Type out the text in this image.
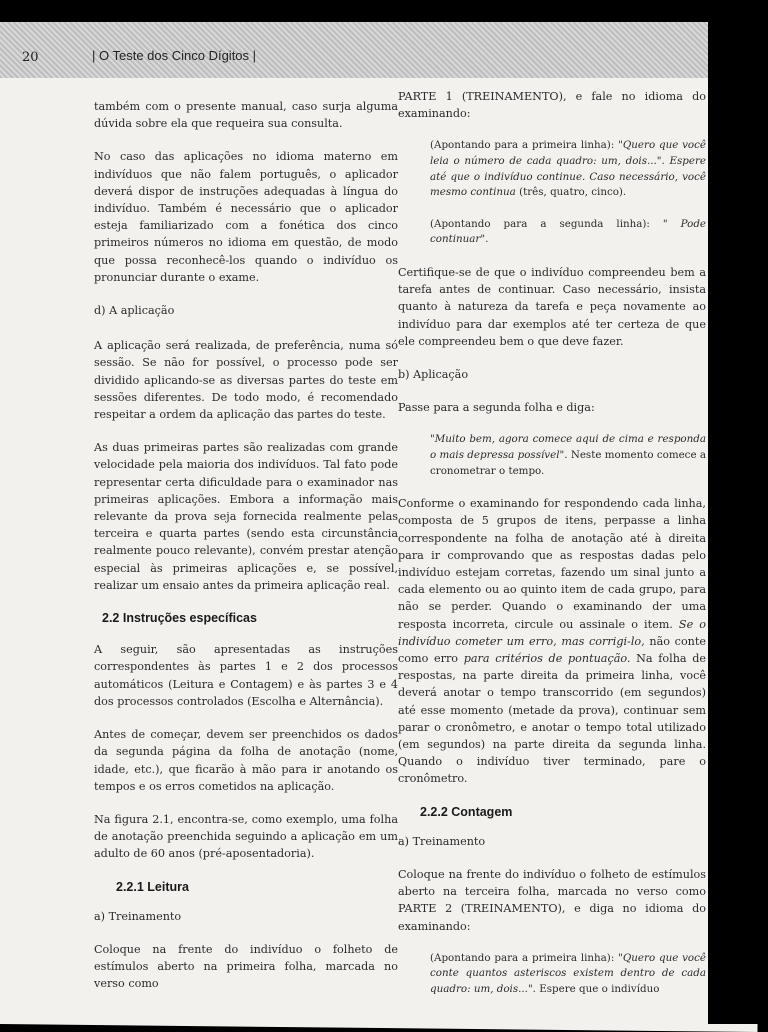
20	| O Teste dos Cinco Dígitos |

também com o presente manual, caso surja alguma dúvida sobre ela que requeira sua consulta.

No caso das aplicações no idioma materno em indivíduos que não falem português, o aplicador deverá dispor de instruções adequadas à língua do indivíduo. Também é necessário que o aplicador esteja familiarizado com a fonética dos cinco primeiros números no idioma em questão, de modo que possa reconhecê-los quando o indivíduo os pronunciar durante o exame.

d) A aplicação

A aplicação será realizada, de preferência, numa só sessão. Se não for possível, o processo pode ser dividido aplicando-se as diversas partes do teste em sessões diferentes. De todo modo, é recomendado respeitar a ordem da aplicação das partes do teste.

As duas primeiras partes são realizadas com grande velocidade pela maioria dos indivíduos. Tal fato pode representar certa dificuldade para o examinador nas primeiras aplicações. Embora a informação mais relevante da prova seja fornecida realmente pelas terceira e quarta partes (sendo esta circunstância realmente pouco relevante), convém prestar atenção especial às primeiras aplicações e, se possível, realizar um ensaio antes da primeira aplicação real.

2.2 Instruções específicas

A seguir, são apresentadas as instruções correspondentes às partes 1 e 2 dos processos automáticos (Leitura e Contagem) e às partes 3 e 4 dos processos controlados (Escolha e Alternância).

Antes de começar, devem ser preenchidos os dados da segunda página da folha de anotação (nome, idade, etc.), que ficarão à mão para ir anotando os tempos e os erros cometidos na aplicação.

Na figura 2.1, encontra-se, como exemplo, uma folha de anotação preenchida seguindo a aplicação em um adulto de 60 anos (pré-aposentadoria).

2.2.1 Leitura

a) Treinamento

Coloque na frente do indivíduo o folheto de estímulos aberto na primeira folha, marcada no verso como

PARTE 1 (TREINAMENTO), e fale no idioma do examinando:

(Apontando para a primeira linha): "Quero que você leia o número de cada quadro: um, dois...". Espere até que o indivíduo continue. Caso necessário, você mesmo continua (três, quatro, cinco).

(Apontando para a segunda linha): " Pode continuar".

Certifique-se de que o indivíduo compreendeu bem a tarefa antes de continuar. Caso necessário, insista quanto à natureza da tarefa e peça novamente ao indivíduo para dar exemplos até ter certeza de que ele compreendeu bem o que deve fazer.

b) Aplicação

Passe para a segunda folha e diga:

"Muito bem, agora comece aqui de cima e responda o mais depressa possível". Neste momento comece a cronometrar o tempo.

Conforme o examinando for respondendo cada linha, composta de 5 grupos de itens, perpasse a linha correspondente na folha de anotação até à direita para ir comprovando que as respostas dadas pelo indivíduo estejam corretas, fazendo um sinal junto a cada elemento ou ao quinto item de cada grupo, para não se perder. Quando o examinando der uma resposta incorreta, circule ou assinale o item. Se o indivíduo cometer um erro, mas corrigi-lo, não conte como erro para critérios de pontuação. Na folha de respostas, na parte direita da primeira linha, você deverá anotar o tempo transcorrido (em segundos) até esse momento (metade da prova), continuar sem parar o cronômetro, e anotar o tempo total utilizado (em segundos) na parte direita da segunda linha. Quando o indivíduo tiver terminado, pare o cronômetro.

2.2.2 Contagem

a) Treinamento

Coloque na frente do indivíduo o folheto de estímulos aberto na terceira folha, marcada no verso como PARTE 2 (TREINAMENTO), e diga no idioma do examinando:

(Apontando para a primeira linha): "Quero que você conte quantos asteriscos existem dentro de cada quadro: um, dois...". Espere que o indivíduo
